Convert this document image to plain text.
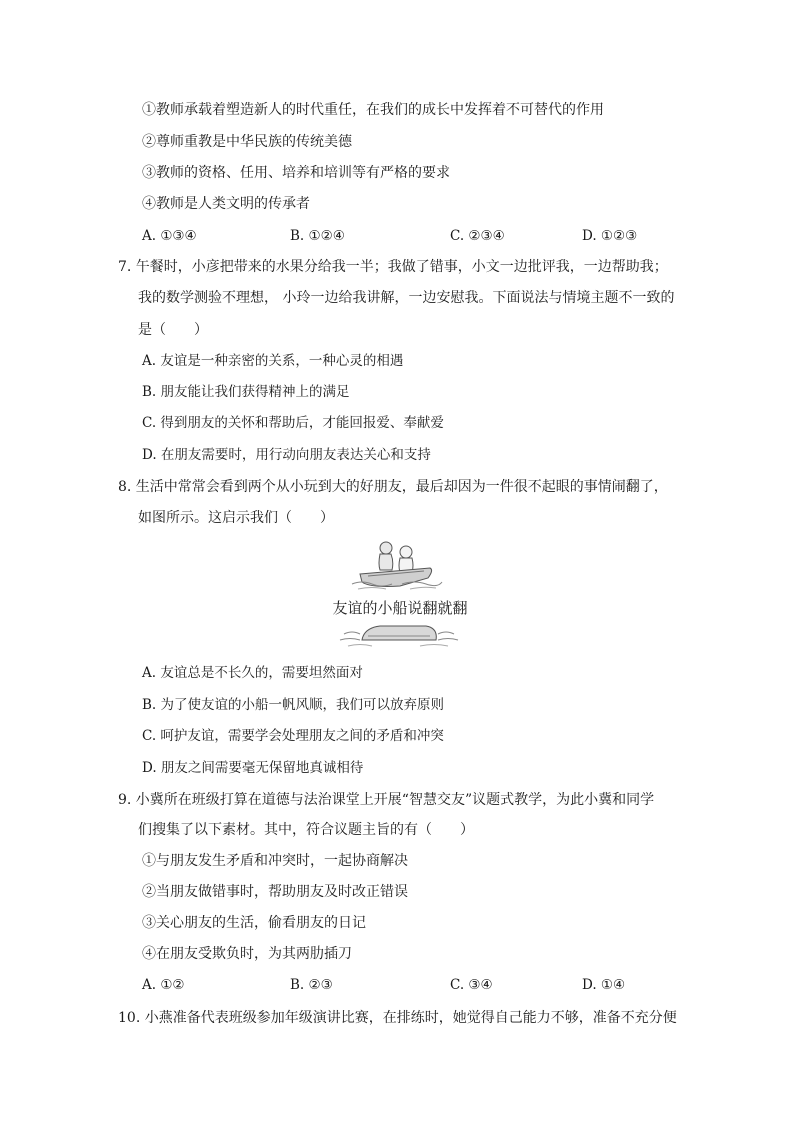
①教师承载着塑造新人的时代重任，在我们的成长中发挥着不可替代的作用
②尊师重教是中华民族的传统美德
③教师的资格、任用、培养和培训等有严格的要求
④教师是人类文明的传承者
A. ①③④	B. ①②④	C. ②③④	D. ①②③
7. 午餐时，小彦把带来的水果分给我一半；我做了错事，小文一边批评我，一边帮助我；
我的数学测验不理想， 小玲一边给我讲解，一边安慰我。下面说法与情境主题不一致的
是（　　）
A. 友谊是一种亲密的关系，一种心灵的相遇
B. 朋友能让我们获得精神上的满足
C. 得到朋友的关怀和帮助后，才能回报爱、奉献爱
D. 在朋友需要时，用行动向朋友表达关心和支持
8. 生活中常常会看到两个从小玩到大的好朋友，最后却因为一件很不起眼的事情闹翻了，
如图所示。这启示我们（　　）
友谊的小船说翻就翻
A. 友谊总是不长久的，需要坦然面对
B. 为了使友谊的小船一帆风顺，我们可以放弃原则
C. 呵护友谊，需要学会处理朋友之间的矛盾和冲突
D. 朋友之间需要毫无保留地真诚相待
9. 小冀所在班级打算在道德与法治课堂上开展“智慧交友”议题式教学，为此小冀和同学
们搜集了以下素材。其中，符合议题主旨的有（　　）
①与朋友发生矛盾和冲突时，一起协商解决
②当朋友做错事时，帮助朋友及时改正错误
③关心朋友的生活，偷看朋友的日记
④在朋友受欺负时，为其两肋插刀
A. ①②	B. ②③	C. ③④	D. ①④
10. 小燕准备代表班级参加年级演讲比赛，在排练时，她觉得自己能力不够，准备不充分便
